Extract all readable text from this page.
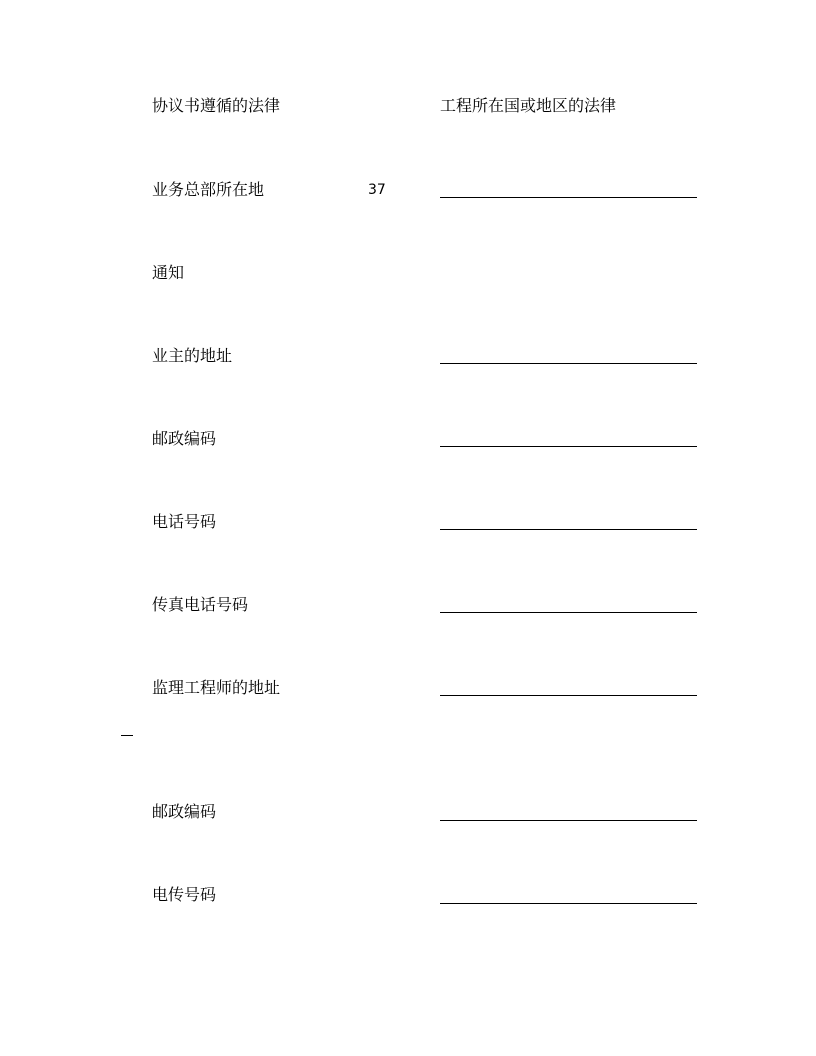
协议书遵循的法律	工程所在国或地区的法律
业务总部所在地	37
通知
业主的地址
邮政编码
电话号码
传真电话号码
监理工程师的地址
邮政编码
电传号码
